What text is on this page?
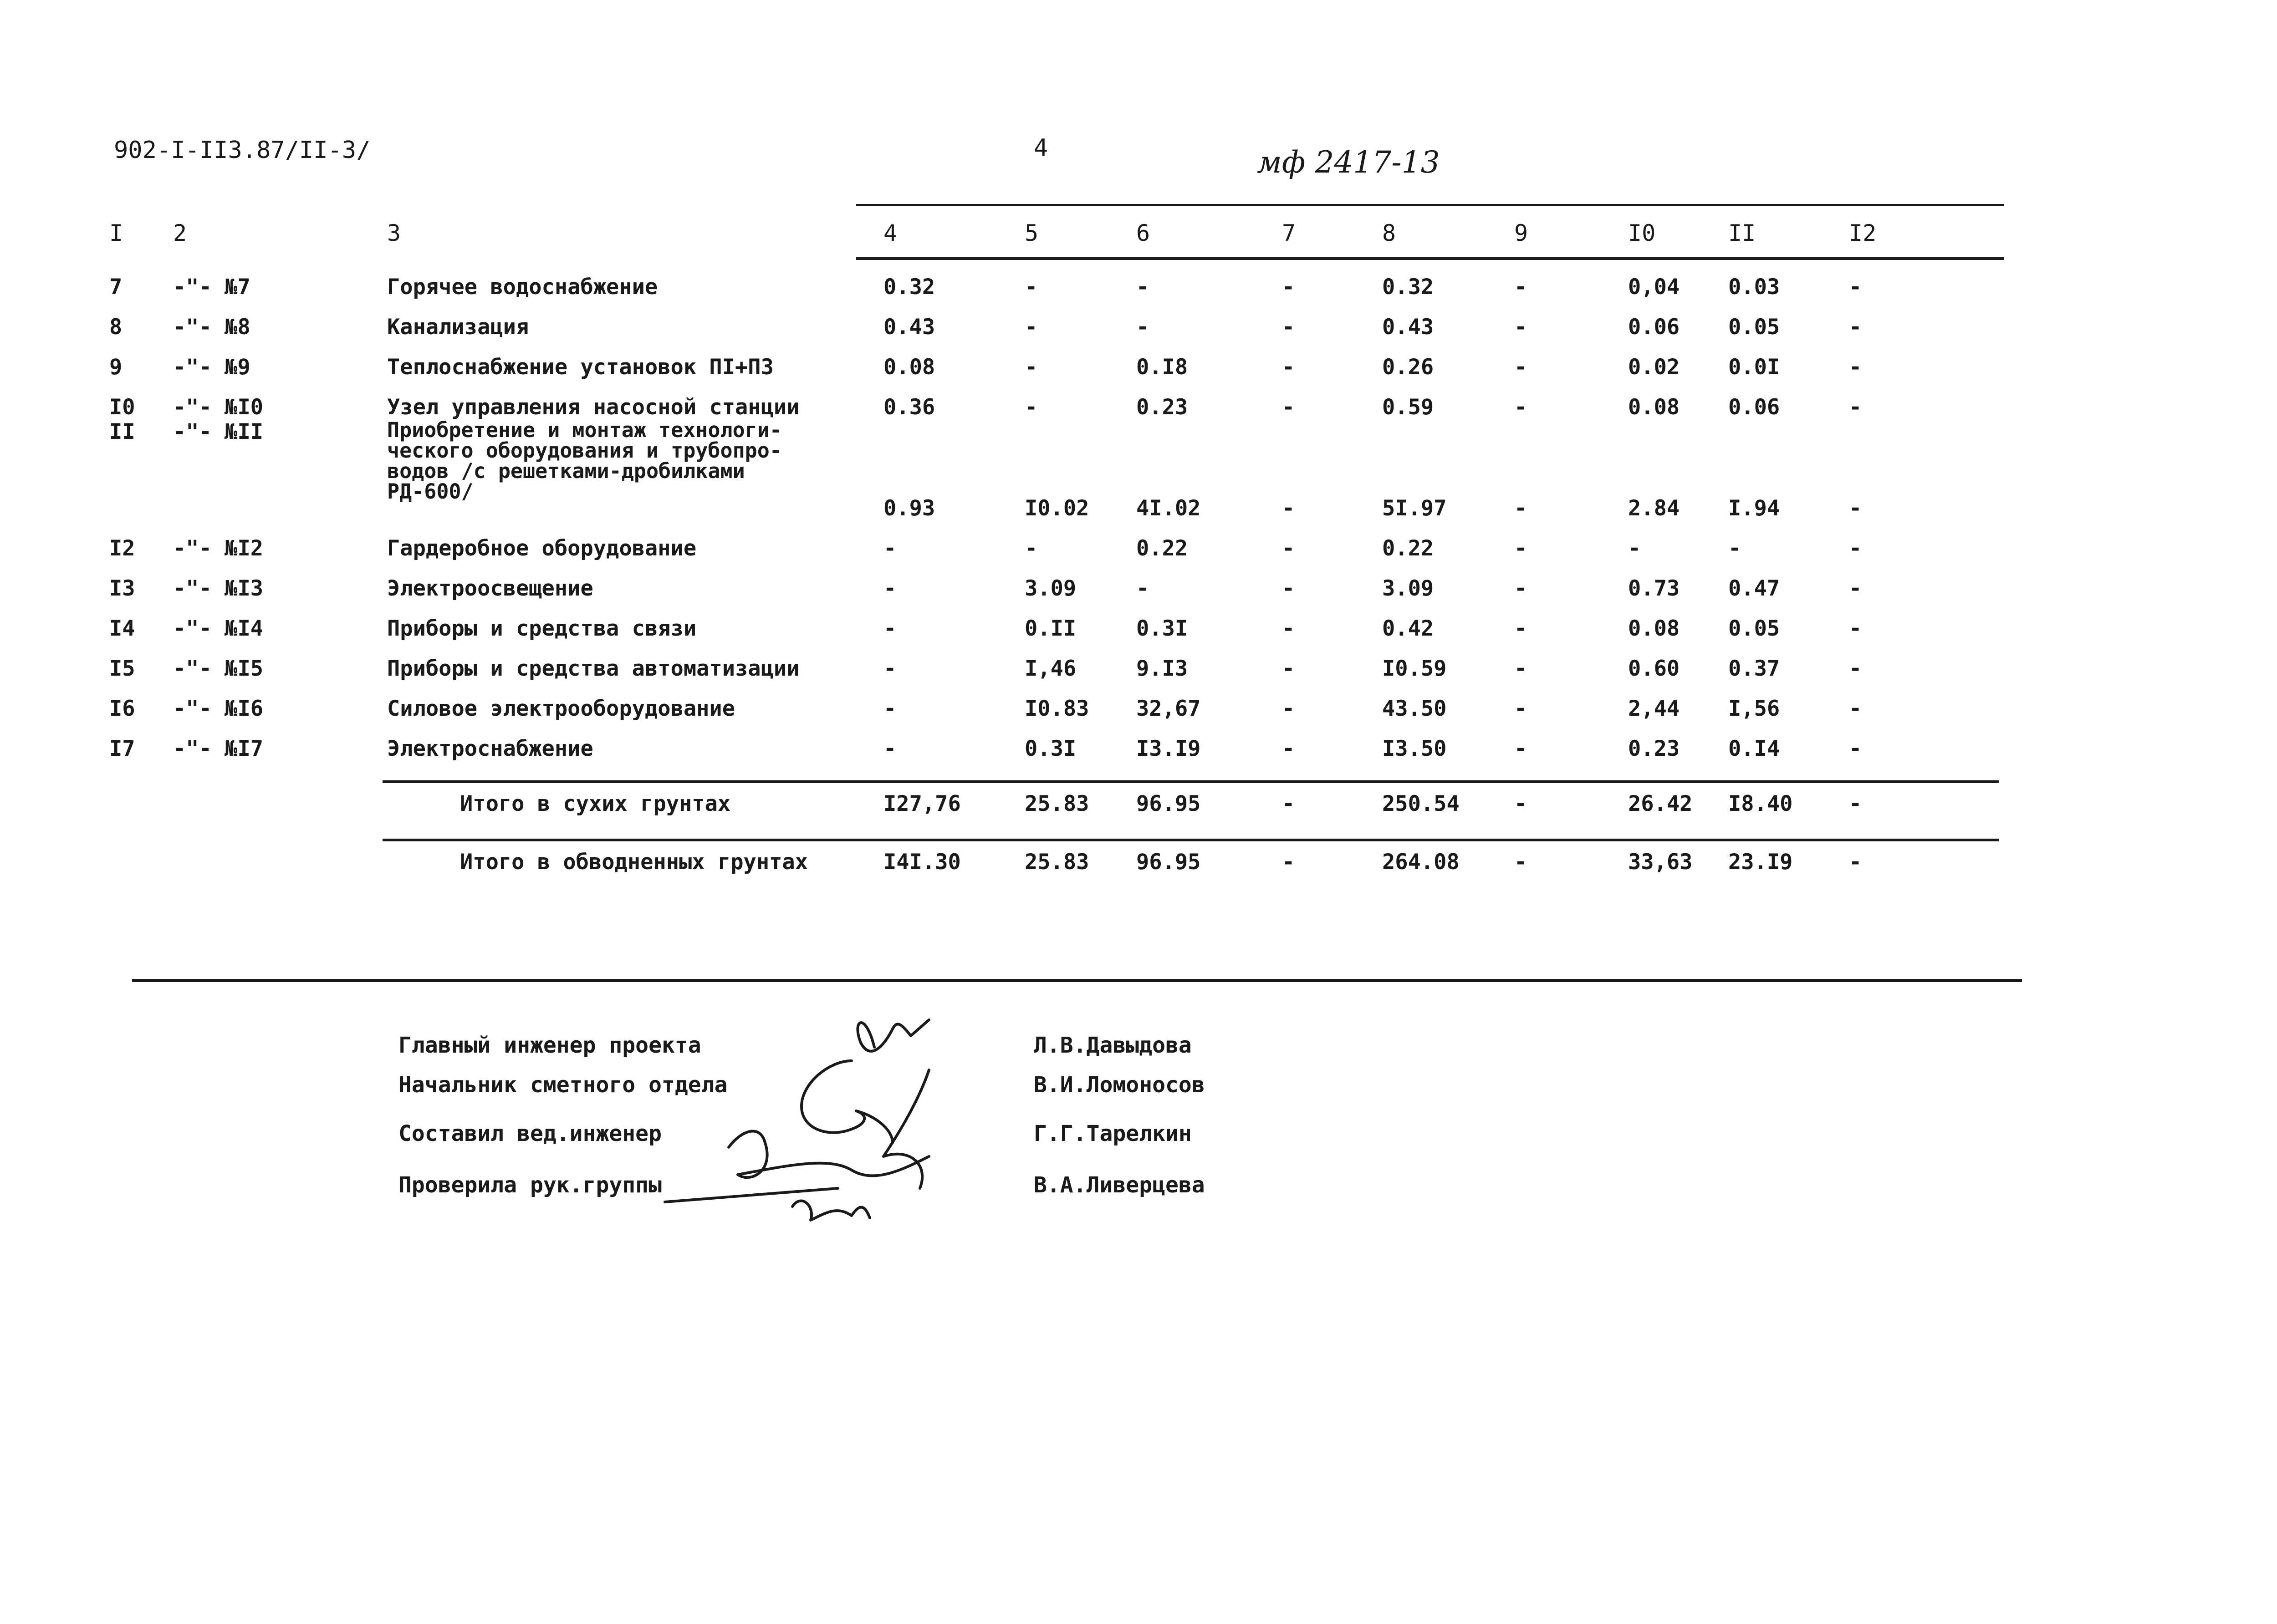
902-I-II3.87/II-3/	4	мф 2417-13
I	2	3	4	5	6	7	8	9	I0	II	I2
7	-"- №7	Горячее водоснабжение	0.32	-	-	-	0.32	-	0,04	0.03	-
8	-"- №8	Канализация	0.43	-	-	-	0.43	-	0.06	0.05	-
9	-"- №9	Теплоснабжение установок ПI+П3	0.08	-	0.I8	-	0.26	-	0.02	0.0I	-
I0	-"- №I0	Узел управления насосной станции	0.36	-	0.23	-	0.59	-	0.08	0.06	-
II	-"- №II	Приобретение и монтаж технологи-
ческого оборудования и трубопро-
водов /с решетками-дробилками
РД-600/	0.93	I0.02	4I.02	-	5I.97	-	2.84	I.94	-
I2	-"- №I2	Гардеробное оборудование	-	-	0.22	-	0.22	-	-	-	-
I3	-"- №I3	Электроосвещение	-	3.09	-	-	3.09	-	0.73	0.47	-
I4	-"- №I4	Приборы и средства связи	-	0.II	0.3I	-	0.42	-	0.08	0.05	-
I5	-"- №I5	Приборы и средства автоматизации	-	I,46	9.I3	-	I0.59	-	0.60	0.37	-
I6	-"- №I6	Силовое электрооборудование	-	I0.83	32,67	-	43.50	-	2,44	I,56	-
I7	-"- №I7	Электроснабжение	-	0.3I	I3.I9	-	I3.50	-	0.23	0.I4	-

		Итого в сухих грунтах	I27,76	25.83	96.95	-	250.54	-	26.42	I8.40	-

		Итого в обводненных грунтах	I4I.30	25.83	96.95	-	264.08	-	33,63	23.I9	-
Главный инженер проекта	Л.В.Давыдова
Начальник сметного отдела	В.И.Ломоносов
Составил вед.инженер	Г.Г.Тарелкин
Проверила рук.группы	В.А.Ливерцева
